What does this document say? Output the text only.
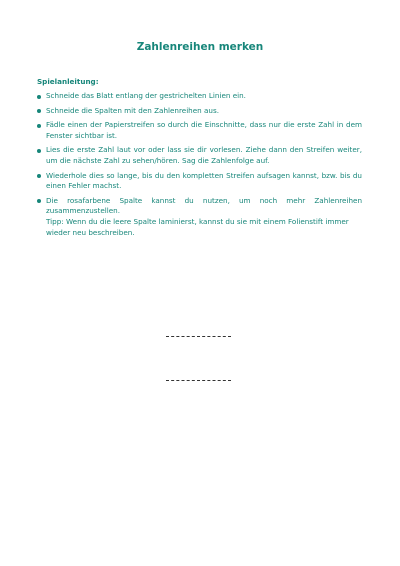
Zahlenreihen merken
Spielanleitung:
Schneide das Blatt entlang der gestrichelten Linien ein.
Schneide die Spalten mit den Zahlenreihen aus.
Fädle einen der Papierstreifen so durch die Einschnitte, dass nur die erste Zahl in dem Fenster sichtbar ist.
Lies die erste Zahl laut vor oder lass sie dir vorlesen. Ziehe dann den Streifen weiter, um die nächste Zahl zu sehen/hören. Sag die Zahlenfolge auf.
Wiederhole dies so lange, bis du den kompletten Streifen aufsagen kannst, bzw. bis du einen Fehler machst.
Die rosafarbene Spalte kannst du nutzen, um noch mehr Zahlenreihen zusammenzustellen.
Tipp: Wenn du die leere Spalte laminierst, kannst du sie mit einem Folienstift immer wieder neu beschreiben.
